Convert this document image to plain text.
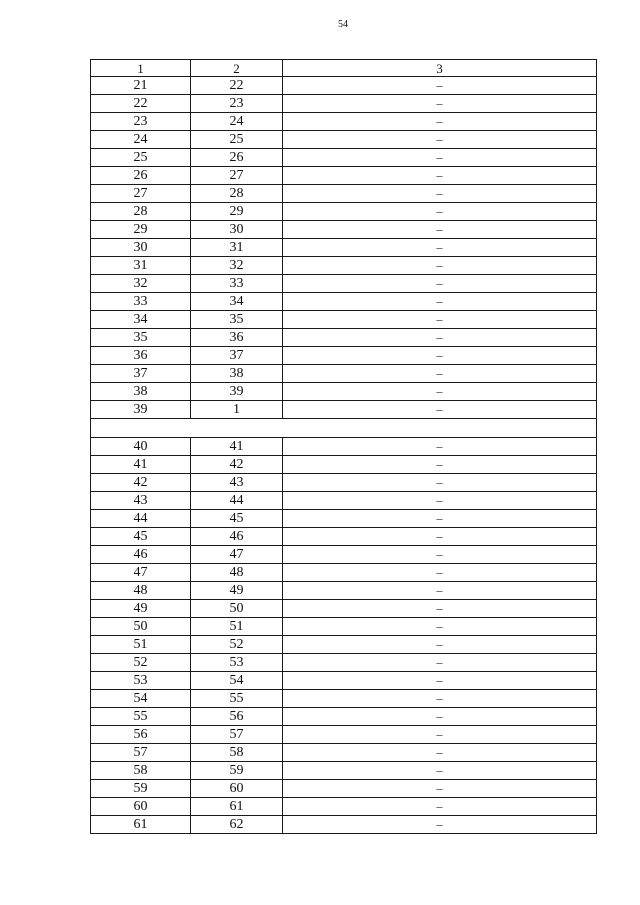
54
1	2	3
21	22	–
22	23	–
23	24	–
24	25	–
25	26	–
26	27	–
27	28	–
28	29	–
29	30	–
30	31	–
31	32	–
32	33	–
33	34	–
34	35	–
35	36	–
36	37	–
37	38	–
38	39	–
39	1	–

40	41	–
41	42	–
42	43	–
43	44	–
44	45	–
45	46	–
46	47	–
47	48	–
48	49	–
49	50	–
50	51	–
51	52	–
52	53	–
53	54	–
54	55	–
55	56	–
56	57	–
57	58	–
58	59	–
59	60	–
60	61	–
61	62	–
